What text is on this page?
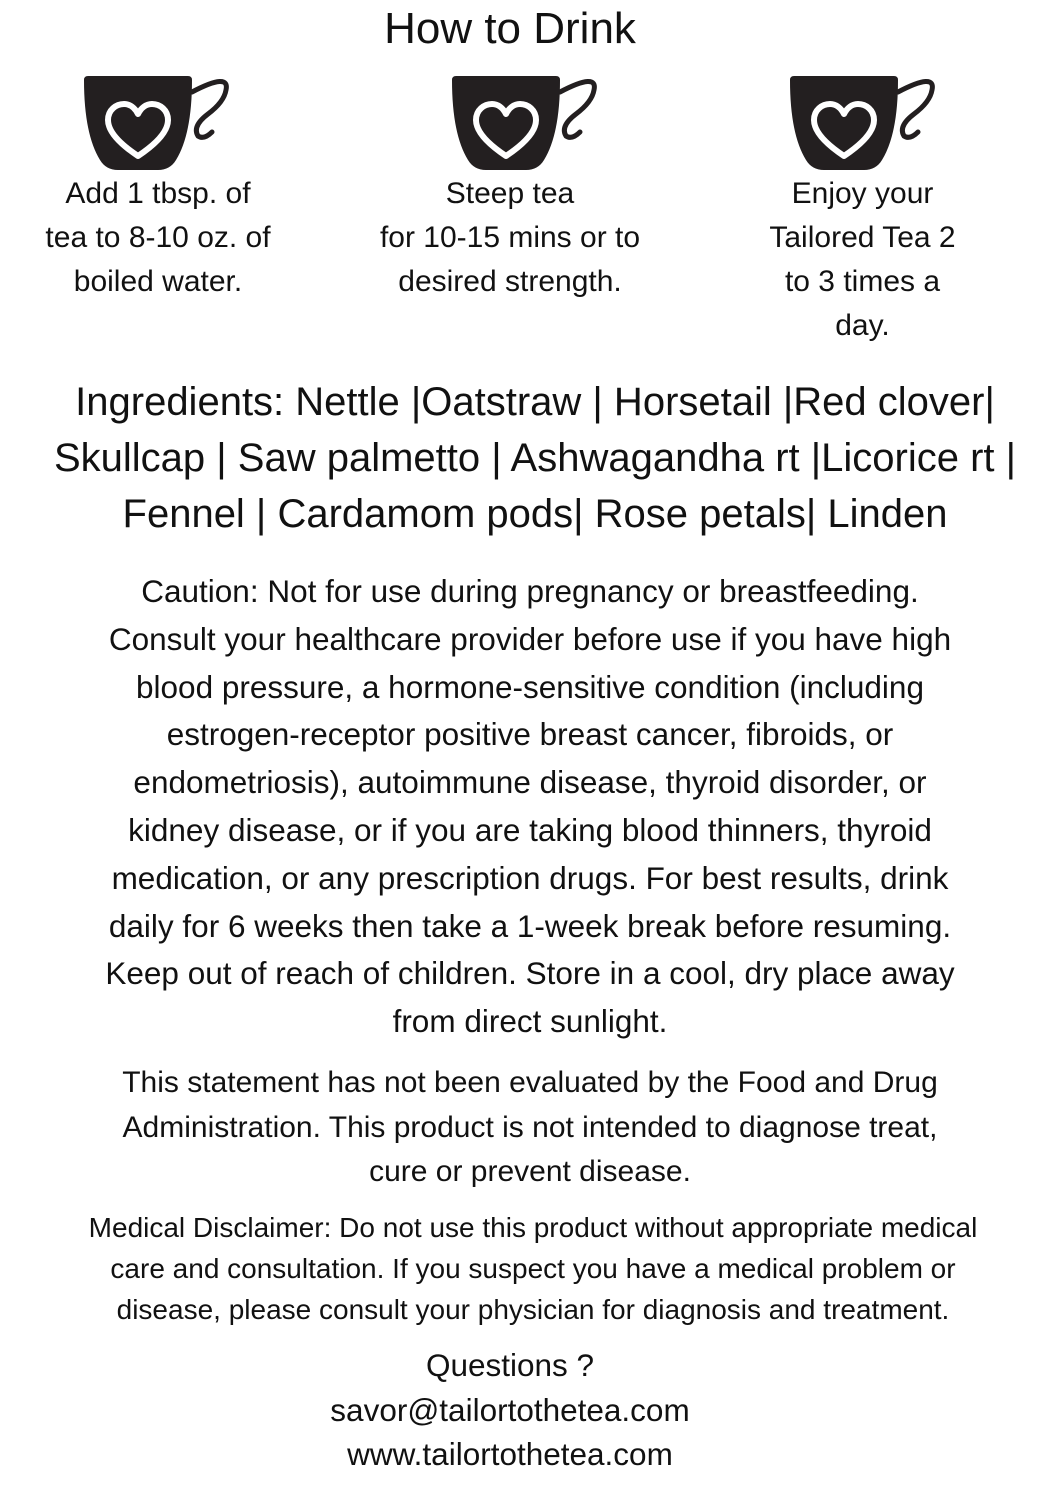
How to Drink
Add 1 tbsp. of
tea to 8-10 oz. of
boiled water.
Steep tea
for 10-15 mins or to
desired strength.
Enjoy your
Tailored Tea 2
to 3 times a
day.
Ingredients: Nettle |Oatstraw | Horsetail |Red clover|
Skullcap | Saw palmetto | Ashwagandha rt |Licorice rt |
Fennel | Cardamom pods| Rose petals| Linden
Caution: Not for use during pregnancy or breastfeeding.
Consult your healthcare provider before use if you have high
blood pressure, a hormone-sensitive condition (including
estrogen-receptor positive breast cancer, fibroids, or
endometriosis), autoimmune disease, thyroid disorder, or
kidney disease, or if you are taking blood thinners, thyroid
medication, or any prescription drugs. For best results, drink
daily for 6 weeks then take a 1-week break before resuming.
Keep out of reach of children. Store in a cool, dry place away
from direct sunlight.
This statement has not been evaluated by the Food and Drug
Administration. This product is not intended to diagnose treat,
cure or prevent disease.
Medical Disclaimer: Do not use this product without appropriate medical
care and consultation. If you suspect you have a medical problem or
disease, please consult your physician for diagnosis and treatment.
Questions ?
savor@tailortothetea.com
www.tailortothetea.com
